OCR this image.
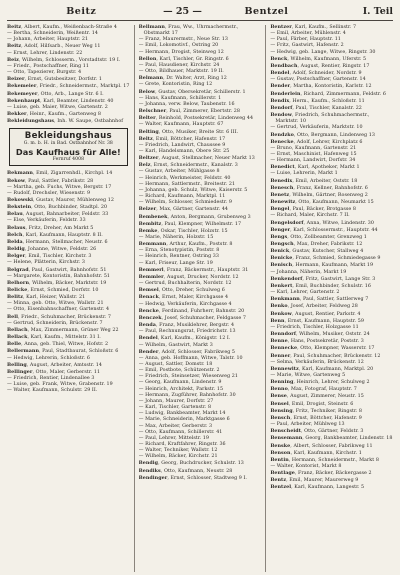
Beitz	— 25 —	Bentzel	I. Teil

Beitz, Albert, Kaufm., Weißenbach-Straße 4

— Bertha, Schneiderin, Weißentr. 14

— Johann, Arbeiter, Hauptstr. 21

Beitz, Adolf, Hilfsarb., Neuer Weg 11

— Ernst, Lehrer, Lindenstr. 22

Beiz, Wilhelm, Schlosserm., Vorstadtstr. 19 I.

— Friedr., Postschaffner, Ring 11

— Otto, Tapezierer, Burgstr. 4

Beizer, Ernst, Gutsbesitzer, Dorfstr. 1

Bekemeier, Friedr., Schneidermstr., Marktpl. 17

Bekemeyer, Otto, Arb., Lange Str. 6 I.

Bekenhaupt, Karl, Beamter, Lindenstr. 40

— Luise, geb. Maier, Witwe, Gartenstr. 2

Bekker, Heinr., Kaufm., Gartenweg 8

Bekleidungshaus, Inh. W. Saupe, Ostbahnhof

Bekleidungshaus
G. m. b. H. in Bad. Ostbahnhof Nr. 38
Das Kaufhaus für Alle!
Fernruf 4008

Bekmann, Emil, Zigarrenhdl., Kirchpl. 14

Bekow, Paul, Sattler, Fabrikstr. 28

— Martha, geb. Fuchs, Witwe, Bergstr. 17

— Rudolf, Drechsler, Wiesenstr. 9

Bekowski, Gustav, Maurer, Mühlenweg 12

Bekstein, Otto, Buchbinder, Stadtpl. 20

Belau, August, Bahnarbeiter, Feldstr. 33

— Else, Verkäuferin, Feldstr. 33

Belaus, Fritz, Dreher, Am Markt 5

Belch, Karl, Kaufmann, Hauptstr. 8 II.

Belda, Hermann, Stellmacher, Neustr. 6

Beldig, Johanne, Witwe, Feldstr. 26

Belger, Emil, Tischler, Kirchstr. 3

— Helene, Plätterin, Kirchstr. 3

Belgrad, Paul, Gastwirt, Bahnhofstr. 51

— Margarete, Kontoristin, Bahnhofstr. 51

Belhorn, Wilhelm, Bäcker, Marktstr. 19

Belicke, Ernst, Schmied, Dorfstr. 10

Belitz, Karl, Heizer, Wallstr. 21

— Minna, geb. Otto, Witwe, Wallstr. 21

— Otto, Eisenbahnschaffner, Gartenstr. 4

Bell, Friedr., Schuhmacher, Brückenstr. 7

— Gertrud, Schneiderin, Brückenstr. 7

Bellach, Max, Zimmermann, Grüner Weg 22

Bellack, Karl, Kaufm., Mittelstr. 31 I.

Belle, Anna, geb. Thiel, Witwe, Hofstr. 2

Bellermann, Paul, Stadtbaurat, Schloßstr. 6

— Hedwig, Lehrerin, Schloßstr. 6

Belling, August, Arbeiter, Amtsstr. 14

Bellinger, Otto, Maler, Gerberstr. 11

— Friedrich, Rentier, Lindenallee 3

— Luise, geb. Frank, Witwe, Grabenstr. 19

— Walter, Kaufmann, Schulstr. 29 II.

Bellmann, Frau, Ww., Uhrmachermstr., Obstmarkt 17

— Franz, Maurermstr., Neue Str. 13

— Emil, Lokomotivf., Ostring 20

— Hermann, Drogist, Steinweg 12

Bellon, Karl, Tischler, Gr. Ringstr. 6

— Paul, Hausdiener, Kirchstr. 24

— Otto, Bildhauer, Marktstr. 19 II.

Belmann, Dr. Walter, Arzt, Ring 12

— Grete, Kontoristin, Ring 12

Below, Gustav, Obersekretär, Schillerstr. 1

— Hans, Kaufmann, Schillerstr. 1

— Johanna, verw. Below, Taubenstr. 16

Belschner, Paul, Zimmerer, Ebertstr. 28

Belter, Reinhold, Postsekretär, Lindenweg 44

— Walter, Kaufmann, Hauptstr. 67

Belting, Otto, Musiker, Breite Str. 6 III.

Beltz, Emil, Böttcher, Hafenstr. 17

— Friedrich, Landwirt, Chaussee 9

— Karl, Handelsmann, Obere Str. 25

Beltzer, August, Stellmacher, Neuer Markt 13

Belz, Ernst, Schneidermstr., Kanalstr. 3

— Gustav, Arbeiter, Mühlgasse 8

— Heinrich, Werkmeister, Feldstr. 40

— Hermann, Sattlermstr., Breitestr. 21

— Johanna, geb. Schulz, Witwe, Kaiserstr. 5

— Richard, Kaufmann, Marktpl. 11

— Wilhelm, Schlosser, Schmiedestr. 9

Belzer, Max, Gärtner, Gartenstr. 44

Bembenek, Anton, Bergmann, Grubenweg 3

Bembitz, Paul, Klempner, Wilhelmstr. 17

Bemke, Oskar, Tischler, Holzstr. 15

— Marie, Näherin, Holzstr. 15

Bemmann, Arthur, Kaufm., Poststr. 8

— Erna, Stenotypistin, Poststr. 8

— Heinrich, Rentner, Ostring 33

— Karl, Friseur, Lange Str. 19

Bemmerl, Franz, Bäckermstr., Hauptstr. 31

Bemmler, August, Drucker, Nordstr. 12

— Gertrud, Buchhalterin, Nordstr. 12

Bemsel, Otto, Dreher, Schulweg 6

Benack, Ernst, Maler, Kirchgasse 4

— Hedwig, Verkäuferin, Kirchgasse 4

Bencke, Ferdinand, Fuhrherr, Bahnstr. 20

Benczek, Josef, Schuhmacher, Feldgasse 7

Benda, Franz, Musiklehrer, Bergstr. 4

— Paul, Rechnungsrat, Friedrichstr. 13

Bendel, Karl, Kaufm., Königstr. 12 I.

— Wilhelm, Gastwirt, Markt 3

Bender, Adolf, Schlosser, Fabrikweg 5

— Anna, geb. Hoffmann, Witwe, Talstr. 10

— August, Sattler, Domstr. 18

— Emil, Postbote, Schützenstr. 2

— Friedrich, Steinsetzer, Wiesenweg 21

— Georg, Kaufmann, Lindenstr. 9

— Heinrich, Architekt, Parkstr. 15

— Hermann, Zugführer, Bahnhofstr. 30

— Johann, Maurer, Dorfstr. 27

— Karl, Tischler, Gartenstr. 8

— Ludwig, Bankbeamter, Markt 14

— Marie, Schneiderin, Marktgasse 6

— Max, Arbeiter, Gerberstr. 3

— Otto, Kaufmann, Schillerstr. 41

— Paul, Lehrer, Mittelstr. 19

— Richard, Kraftfahrer, Ringstr. 36

— Walter, Techniker, Wallstr. 12

— Wilhelm, Bäcker, Kirchstr. 21

Bendig, Georg, Buchdrucker, Schulstr. 13

Bendiks, Otto, Kaufmann, Neustr. 28

Bendinger, Ernst, Schlosser, Stadtweg 9 I.

Bentzer, Karl, Kaufm., Sellinstr. 7

— Emil, Arbeiter, Mühlenstr. 4

— Paul, Färber, Hauptstr. 11

— Fritz, Gastwirt, Hafenstr. 2

— Hedwig, geb. Lange, Witwe, Ringstr. 30

Benck, Wilhelm, Kaufmann, Uferstr. 5

Bendbach, August, Rentier, Ringstr. 17

Bendel, Adolf, Schneider, Nordstr. 9

— Gustav, Postschaffner, Gartenstr. 14

Bender, Martha, Kontoristin, Karlstr. 12

Benderlein, Richard, Zimmermann, Feldstr. 6

Bendix, Herm., Kaufm., Schloßstr. 11

Bendorf, Paul, Tischler, Kanalstr. 22

Bendow, Friedrich, Schuhmachermstr., Marktstr. 10

— Gertrud, Verkäuferin, Marktstr. 10

Bendzko, Otto, Bergmann, Lindenweg 13

Benecke, Adolf, Lehrer, Kirchplatz 6

— Bruno, Kaufmann, Gartenstr. 21

— Ernst, Maschinist, Hafenweg 15

— Hermann, Landwirt, Dorfstr. 34

Benedict, Karl, Apotheker, Markt 1

— Luise, Lehrerin, Markt 1

Benedix, Emil, Arbeiter, Oststr. 18

Benesch, Franz, Kellner, Bahnhofstr. 6

Benetz, Wilhelm, Gärtner, Rosenweg 2

Benewitz, Otto, Kaufmann, Neumarkt 15

Bengel, Paul, Bäcker, Brotgasse 8

— Richard, Maler, Kirchstr. 7 II.

Bengelsdorf, Anna, Witwe, Lindenstr. 30

Benger, Karl, Schlossermstr., Hauptstr. 44

Bengs, Otto, Zollbeamter, Grenzweg 1

Bengsch, Max, Dreher, Fabrikstr. 12

Benick, Gustav, Kutscher, Stallweg 4

Benicke, Franz, Schmied, Schmiedegasse 9

Benisch, Hermann, Kaufmann, Markt 19

— Johanna, Näherin, Markt 19

Benkendorf, Fritz, Gastwirt, Lange Str. 3

Benkert, Emil, Buchbinder, Schulstr. 16

— Karl, Lehrer, Gartenstr. 2

Benkmann, Paul, Sattler, Sattlerweg 7

Benko, Josef, Arbeiter, Feldweg 28

Benkow, August, Rentier, Parkstr. 4

Benn, Ernst, Kaufmann, Hauptstr. 59

— Friedrich, Tischler, Holzgasse 11

Benndorf, Wilhelm, Musiker, Oststr. 24

Benne, Hans, Postsekretär, Poststr. 3

Bennecke, Otto, Klempner, Wasserstr. 17

Benner, Paul, Schuhmacher, Brückenstr. 12

— Selma, Verkäuferin, Brückenstr. 12

Bennewitz, Karl, Kaufmann, Marktpl. 20

— Marie, Witwe, Gartenweg 5

Benning, Heinrich, Lehrer, Schulweg 2

Benno, Max, Fotograf, Hauptstr. 7

Bense, August, Zimmerer, Neustr. 15

Bensel, Emil, Drogist, Steinstr. 6

Bensing, Fritz, Techniker, Ringstr. 8

Bensch, Ernst, Böttcher, Hafenstr. 9

— Paul, Arbeiter, Mühlweg 13

Benscheidt, Otto, Gärtner, Feldstr. 3

Bensemann, Georg, Bankbeamter, Lindenstr. 18

Benske, Albert, Schlosser, Fabrikweg 11

Benson, Karl, Kaufmann, Kirchstr. 1

Bentin, Hermann, Schneidermstr., Markt 8

— Walter, Kontorist, Markt 8

Bentlage, Franz, Bäcker, Bäckergasse 2

Bentz, Emil, Maurer, Maurerweg 9

Bentzel, Karl, Kaufmann, Langestr. 5
